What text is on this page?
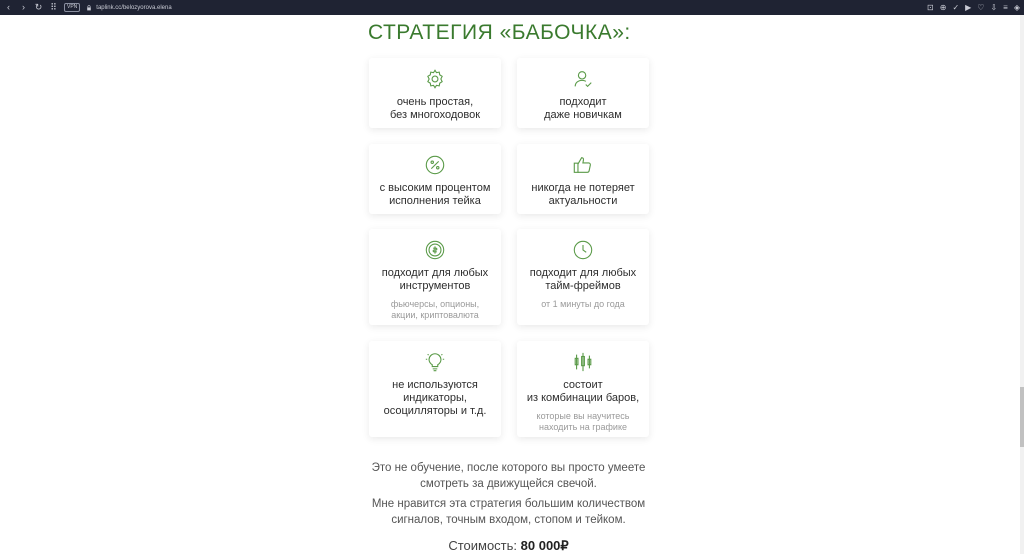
‹	›	↻ ⠿	VPN	taplink.cc/belozyorova.elena	⊡ ⊕ ✓ ▶ ♡ ⇩ ≡ ◈
СТРАТЕГИЯ «БАБОЧКА»:
очень простая,
без многоходовок
подходит
даже новичкам
с высоким процентом
исполнения тейка
никогда не потеряет
актуальности
подходит для любых
инструментов
фьючерсы, опционы,
акции, криптовалюта
подходит для любых
тайм-фреймов
от 1 минуты до года
не используются
индикаторы,
осоцилляторы и т.д.
состоит
из комбинации баров,
которые вы научитесь
находить на графике
Это не обучение, после которого вы просто умеете
смотреть за движущейся свечой.
Мне нравится эта стратегия большим количеством
сигналов, точным входом, стопом и тейком.
Стоимость: 80 000₽
